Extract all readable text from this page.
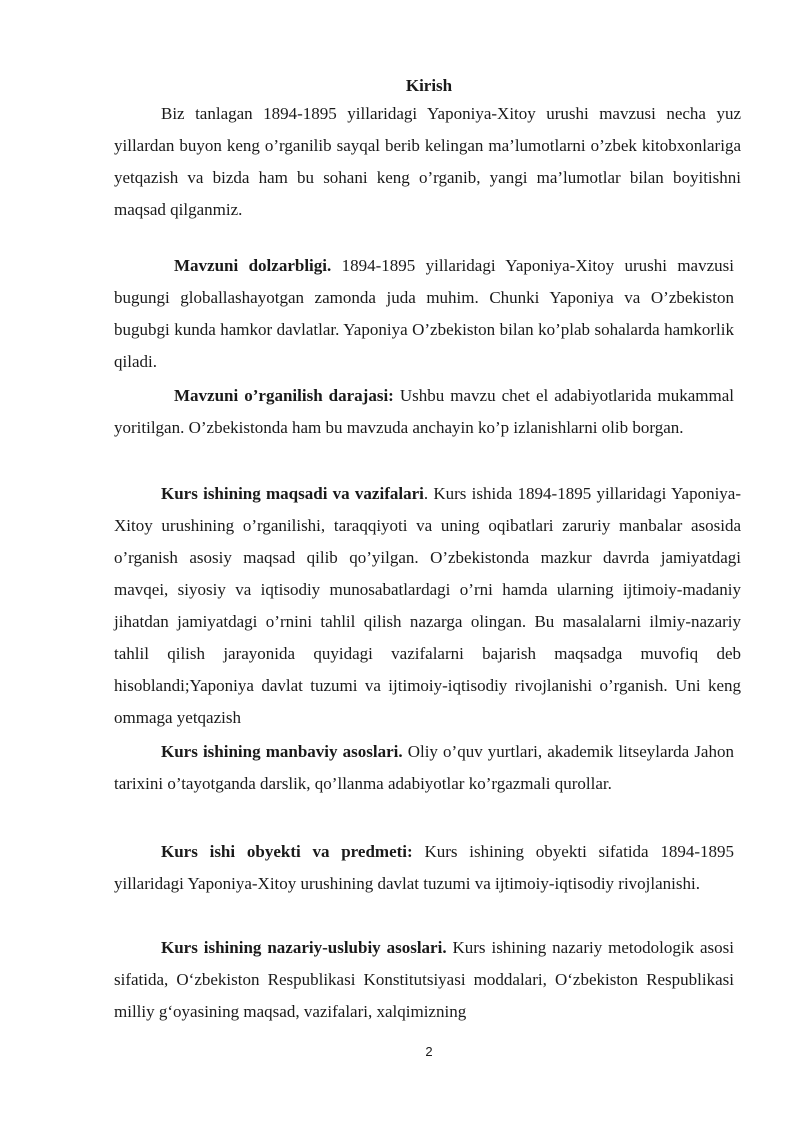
Kirish

Biz tanlagan 1894-1895 yillaridagi Yaponiya-Xitoy urushi mavzusi necha yuz yillardan buyon keng o’rganilib sayqal berib kelingan ma’lumotlarni o’zbek kitobxonlariga yetqazish va bizda ham bu sohani keng o’rganib, yangi ma’lumotlar bilan boyitishni maqsad qilganmiz.

Mavzuni dolzarbligi. 1894-1895 yillaridagi Yaponiya-Xitoy urushi mavzusi bugungi globallashayotgan zamonda juda muhim. Chunki Yaponiya va O’zbekiston bugubgi kunda hamkor davlatlar. Yaponiya O’zbekiston bilan ko’plab sohalarda hamkorlik qiladi.

Mavzuni o’rganilish darajasi: Ushbu mavzu chet el adabiyotlarida mukammal yoritilgan. O’zbekistonda ham bu mavzuda anchayin ko’p izlanishlarni olib borgan.

Kurs ishining maqsadi va vazifalari. Kurs ishida 1894-1895 yillaridagi Yaponiya-Xitoy urushining o’rganilishi, taraqqiyoti va uning oqibatlari zaruriy manbalar asosida o’rganish asosiy maqsad qilib qo’yilgan. O’zbekistonda mazkur davrda jamiyatdagi mavqei, siyosiy va iqtisodiy munosabatlardagi o’rni hamda ularning ijtimoiy-madaniy jihatdan jamiyatdagi o’rnini tahlil qilish nazarga olingan. Bu masalalarni ilmiy-nazariy tahlil qilish jarayonida quyidagi vazifalarni bajarish maqsadga muvofiq deb hisoblandi;Yaponiya davlat tuzumi va ijtimoiy-iqtisodiy rivojlanishi o’rganish. Uni keng ommaga yetqazish

Kurs ishining manbaviy asoslari. Oliy o’quv yurtlari, akademik litseylarda Jahon tarixini o’tayotganda darslik, qo’llanma adabiyotlar ko’rgazmali qurollar.

Kurs ishi obyekti va predmeti: Kurs ishining obyekti sifatida 1894-1895 yillaridagi Yaponiya-Xitoy urushining davlat tuzumi va ijtimoiy-iqtisodiy rivojlanishi.

Kurs ishining nazariy-uslubiy asoslari. Kurs ishining nazariy metodologik asosi sifatida, O‘zbekiston Respublikasi Konstitutsiyasi moddalari, O‘zbekiston Respublikasi milliy g‘oyasining maqsad, vazifalari, xalqimizning

2
